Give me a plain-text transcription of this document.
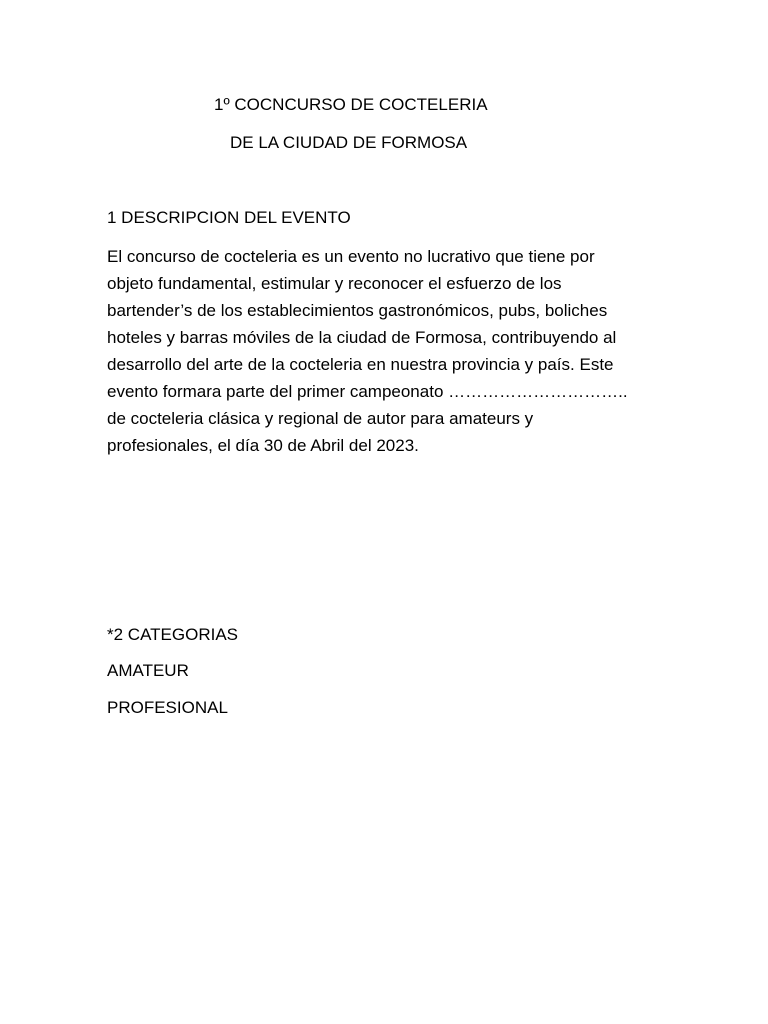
1º COCNCURSO DE COCTELERIA

DE LA CIUDAD DE FORMOSA

1 DESCRIPCION DEL EVENTO

El concurso de cocteleria es un evento no lucrativo que tiene por
objeto fundamental, estimular y reconocer el esfuerzo de los
bartender’s de los establecimientos gastronómicos, pubs, boliches
hoteles y barras móviles de la ciudad de Formosa, contribuyendo al
desarrollo del arte de la cocteleria en nuestra provincia y país. Este
evento formara parte del primer campeonato …………………………..
de cocteleria clásica y regional de autor para amateurs y
profesionales, el día 30 de Abril del 2023.

*2 CATEGORIAS

AMATEUR

PROFESIONAL
